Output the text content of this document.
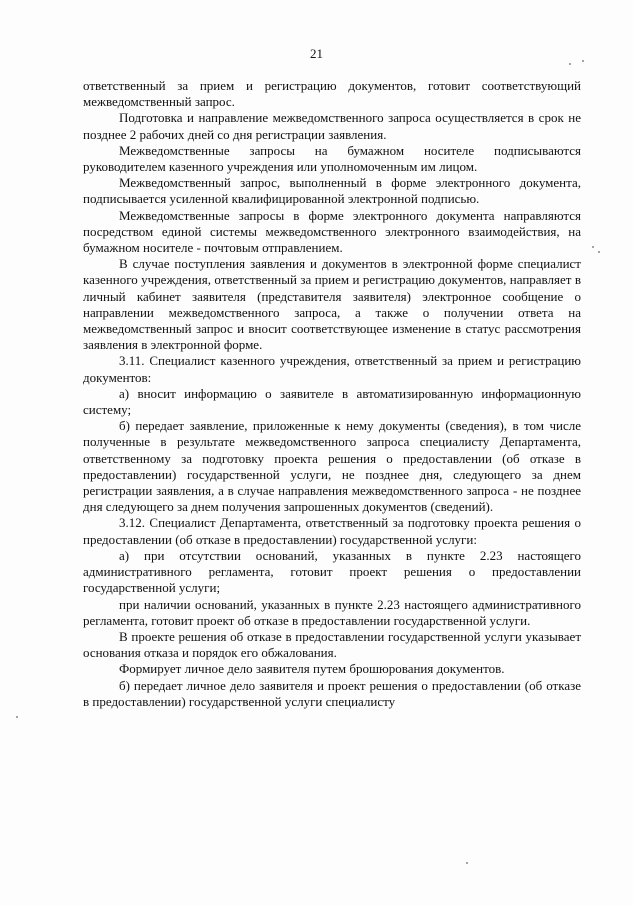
21

ответственный за прием и регистрацию документов, готовит соответствующий межведомственный запрос.

Подготовка и направление межведомственного запроса осуществляется в срок не позднее 2 рабочих дней со дня регистрации заявления.

Межведомственные запросы на бумажном носителе подписываются руководителем казенного учреждения или уполномоченным им лицом.

Межведомственный запрос, выполненный в форме электронного документа, подписывается усиленной квалифицированной электронной подписью.

Межведомственные запросы в форме электронного документа направляются посредством единой системы межведомственного электронного взаимодействия, на бумажном носителе - почтовым отправлением.

В случае поступления заявления и документов в электронной форме специалист казенного учреждения, ответственный за прием и регистрацию документов, направляет в личный кабинет заявителя (представителя заявителя) электронное сообщение о направлении межведомственного запроса, а также о получении ответа на межведомственный запрос и вносит соответствующее изменение в статус рассмотрения заявления в электронной форме.

3.11. Специалист казенного учреждения, ответственный за прием и регистрацию документов:

а) вносит информацию о заявителе в автоматизированную информационную систему;

б) передает заявление, приложенные к нему документы (сведения), в том числе полученные в результате межведомственного запроса специалисту Департамента, ответственному за подготовку проекта решения о предоставлении (об отказе в предоставлении) государственной услуги, не позднее дня, следующего за днем регистрации заявления, а в случае направления межведомственного запроса - не позднее дня следующего за днем получения запрошенных документов (сведений).

3.12. Специалист Департамента, ответственный за подготовку проекта решения о предоставлении (об отказе в предоставлении) государственной услуги:

а) при отсутствии оснований, указанных в пункте 2.23 настоящего административного регламента, готовит проект решения о предоставлении государственной услуги;

при наличии оснований, указанных в пункте 2.23 настоящего административного регламента, готовит проект об отказе в предоставлении государственной услуги.

В проекте решения об отказе в предоставлении государственной услуги указывает основания отказа и порядок его обжалования.

Формирует личное дело заявителя путем брошюрования документов.

б) передает личное дело заявителя и проект решения о предоставлении (об отказе в предоставлении) государственной услуги специалисту
